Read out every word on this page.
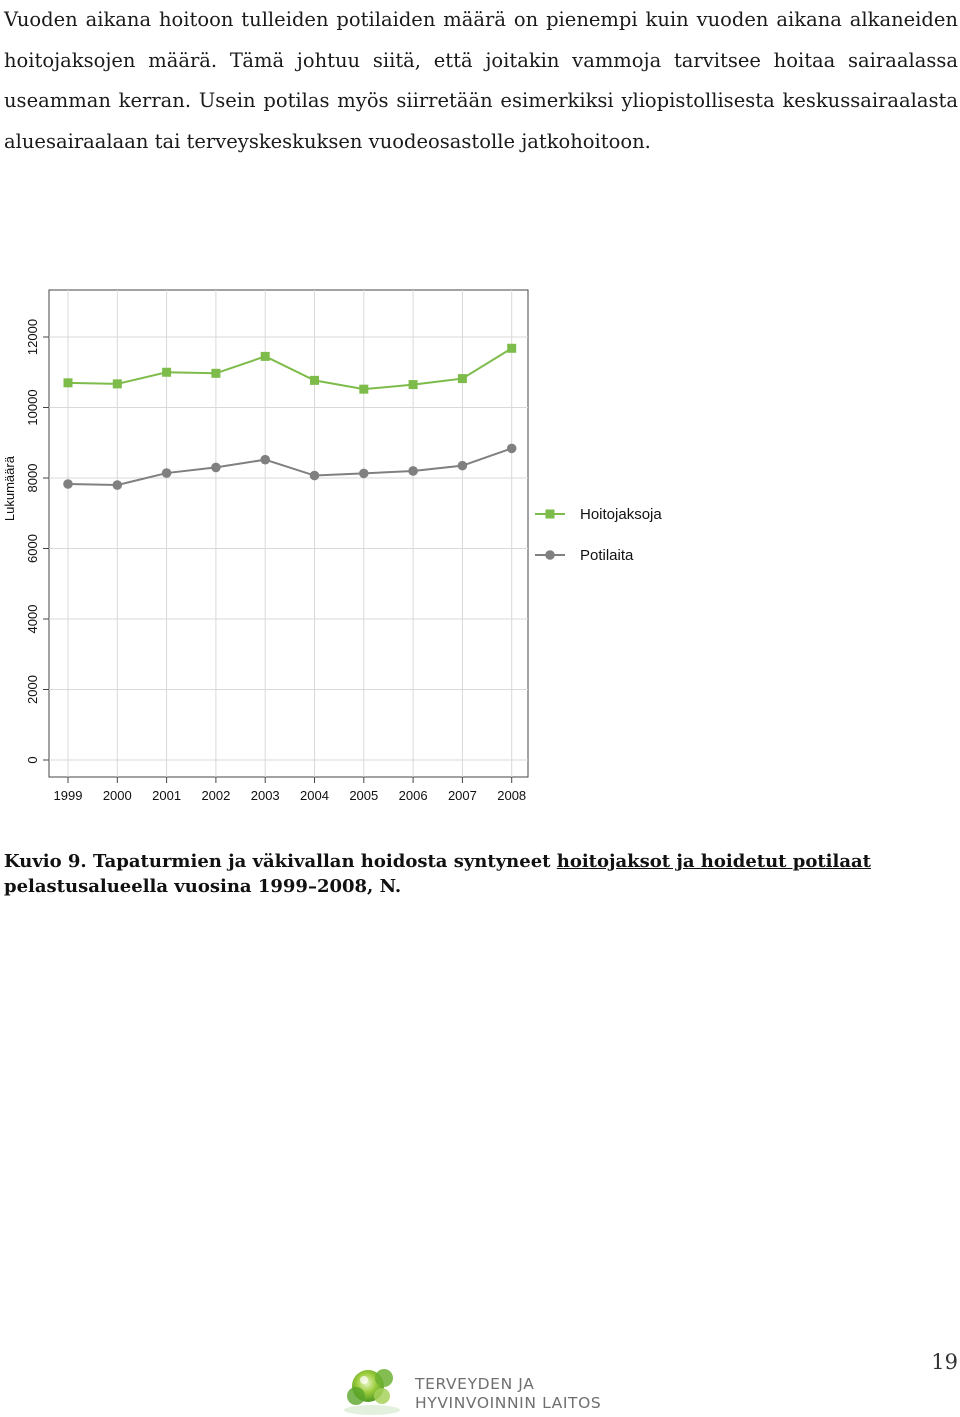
Vuoden aikana hoitoon tulleiden potilaiden määrä on pienempi kuin vuoden aikana alkaneiden hoitojaksojen määrä. Tämä johtuu siitä, että joitakin vammoja tarvitsee hoitaa sairaalassa useamman kerran. Usein potilas myös siirretään esimerkiksi yliopistollisesta keskussairaalasta aluesairaalaan tai terveyskeskuksen vuodeosastolle jatkohoitoon.

0
2000
4000
6000
8000
10000
12000
1999 2000 2001 2002 2003 2004 2005 2006 2007 2008
Lukumäärä	Hoitojaksoja
Potilaita

Kuvio 9. Tapaturmien ja väkivallan hoidosta syntyneet hoitojaksot ja hoidetut potilaat pelastusalueella vuosina 1999–2008, N.

19
TERVEYDEN JA
HYVINVOINNIN LAITOS
